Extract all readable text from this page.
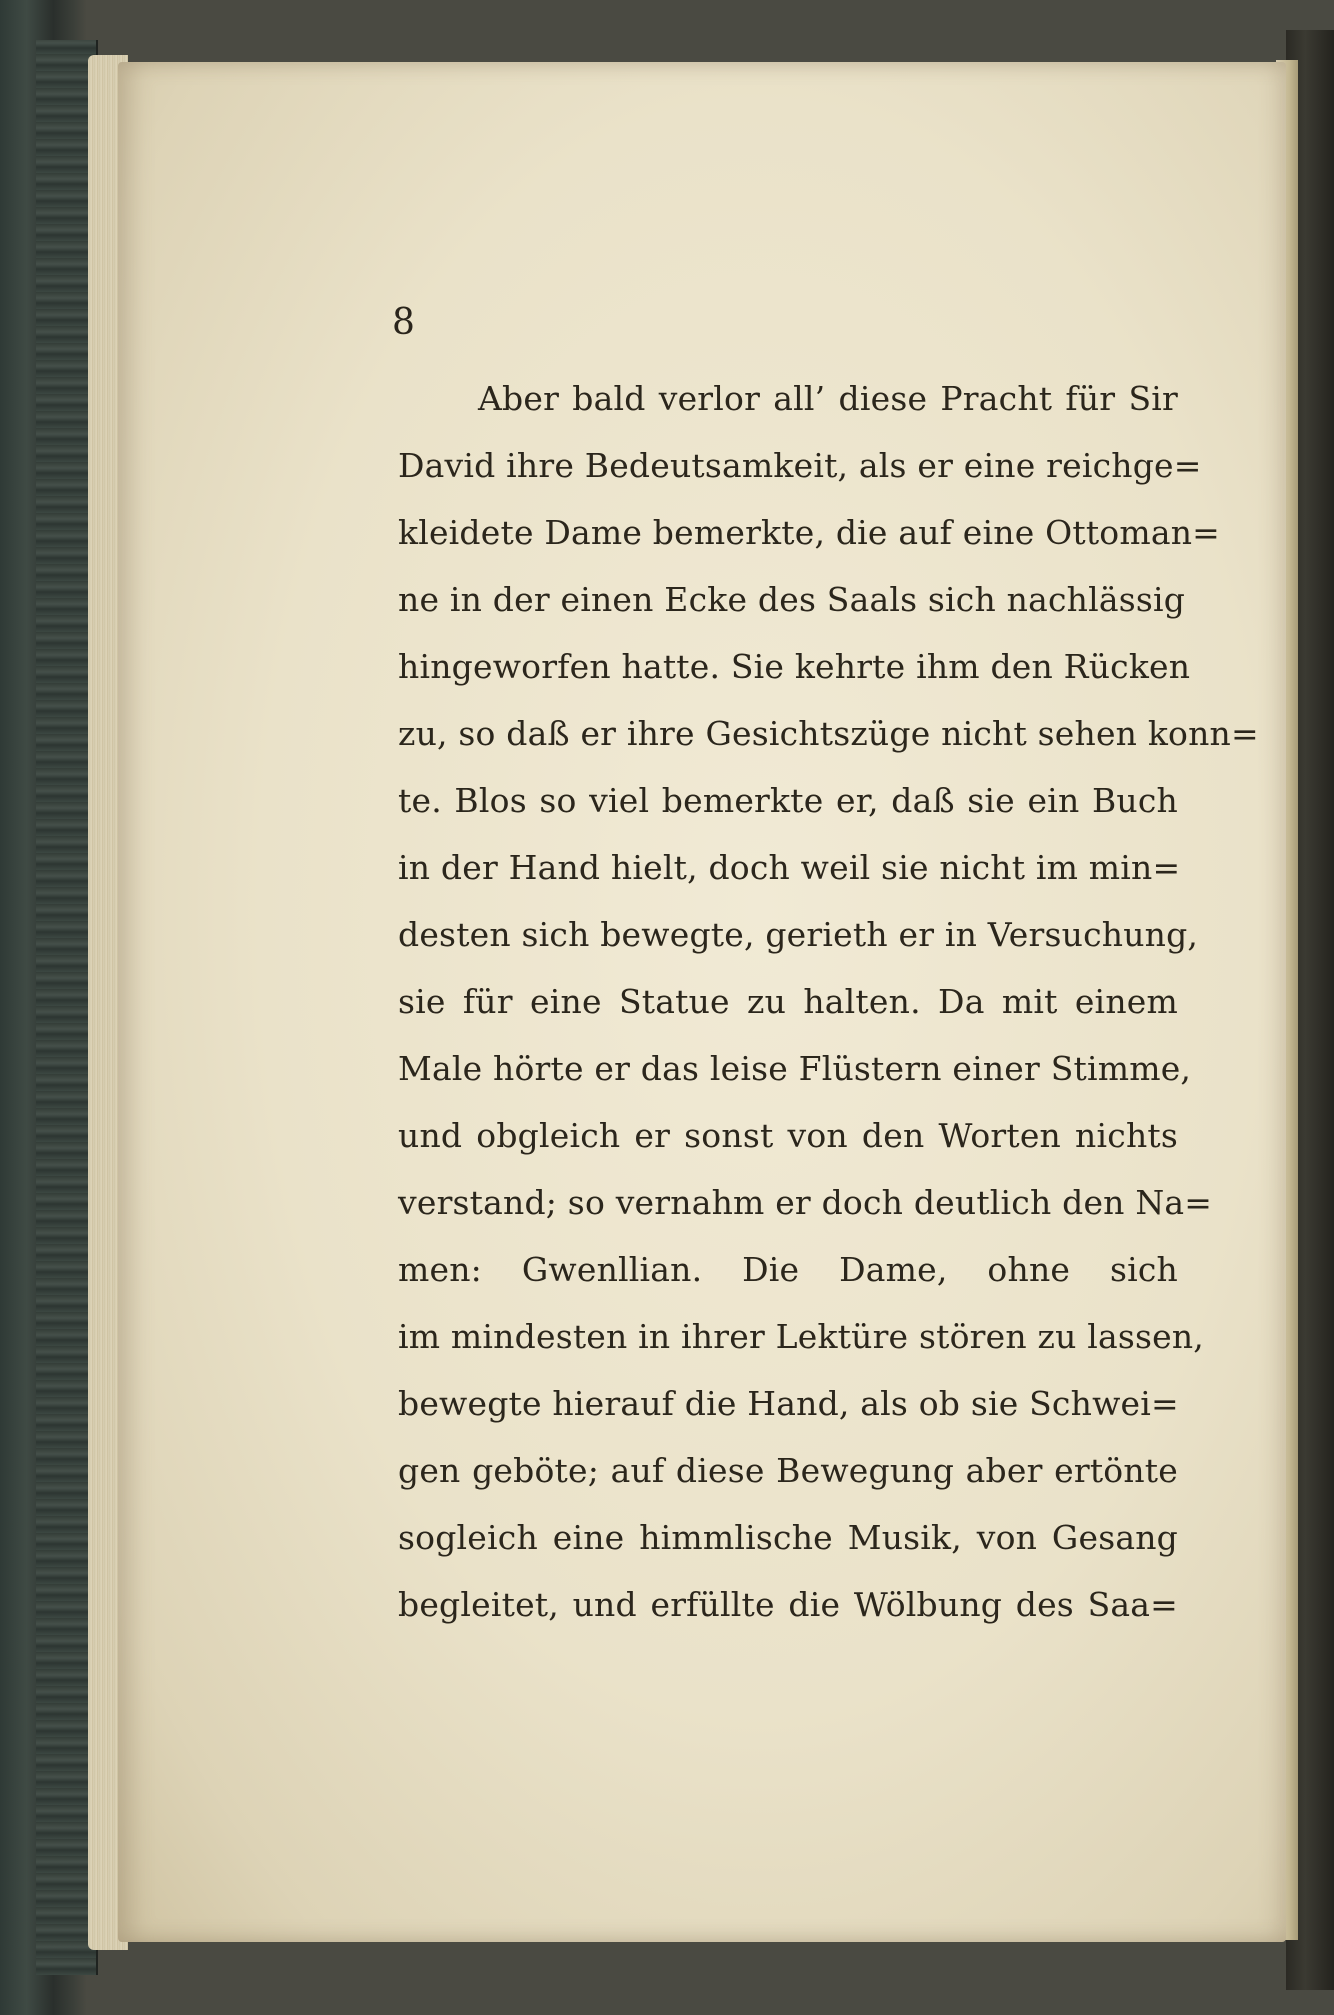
8

Aber bald verlor all’ diese Pracht für Sir
David ihre Bedeutsamkeit, als er eine reichge=
kleidete Dame bemerkte, die auf eine Ottoman=
ne in der einen Ecke des Saals sich nachlässig
hingeworfen hatte. Sie kehrte ihm den Rücken
zu, so daß er ihre Gesichtszüge nicht sehen konn=
te. Blos so viel bemerkte er, daß sie ein Buch
in der Hand hielt, doch weil sie nicht im min=
desten sich bewegte, gerieth er in Versuchung,
sie für eine Statue zu halten. Da mit einem
Male hörte er das leise Flüstern einer Stimme,
und obgleich er sonst von den Worten nichts
verstand; so vernahm er doch deutlich den Na=
men: Gwenllian. Die Dame, ohne sich
im mindesten in ihrer Lektüre stören zu lassen,
bewegte hierauf die Hand, als ob sie Schwei=
gen geböte; auf diese Bewegung aber ertönte
sogleich eine himmlische Musik, von Gesang
begleitet, und erfüllte die Wölbung des Saa=
